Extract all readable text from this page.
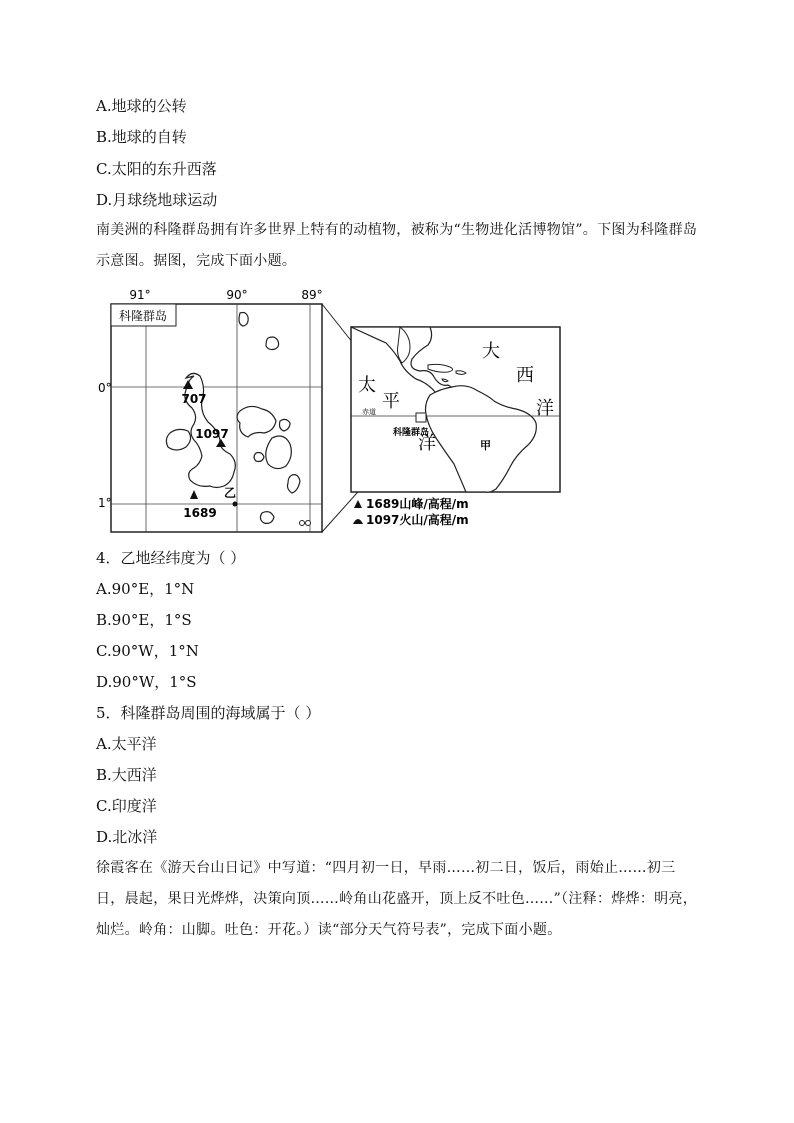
A.地球的公转
B.地球的自转
C.太阳的东升西落
D.月球绕地球运动
南美洲的科隆群岛拥有许多世界上特有的动植物，被称为“生物进化活博物馆”。下图为科隆群岛示意图。据图，完成下面小题。
91°	90°	89°
0°
1°
科隆群岛
707
1097
1689
乙
赤道
科隆群岛
甲
太
平
洋
大
西
洋
1689山峰/高程/m
1097火山/高程/m
4．乙地经纬度为（ ）
A.90°E，1°N
B.90°E，1°S
C.90°W，1°N
D.90°W，1°S
5．科隆群岛周围的海域属于（ ）
A.太平洋
B.大西洋
C.印度洋
D.北冰洋
徐霞客在《游天台山日记》中写道：“四月初一日，早雨……初二日，饭后，雨始止……初三日，晨起，果日光烨烨，决策向顶……岭角山花盛开，顶上反不吐色……”（注释：烨烨：明亮，灿烂。岭角：山脚。吐色：开花。）读“部分天气符号表”，完成下面小题。
